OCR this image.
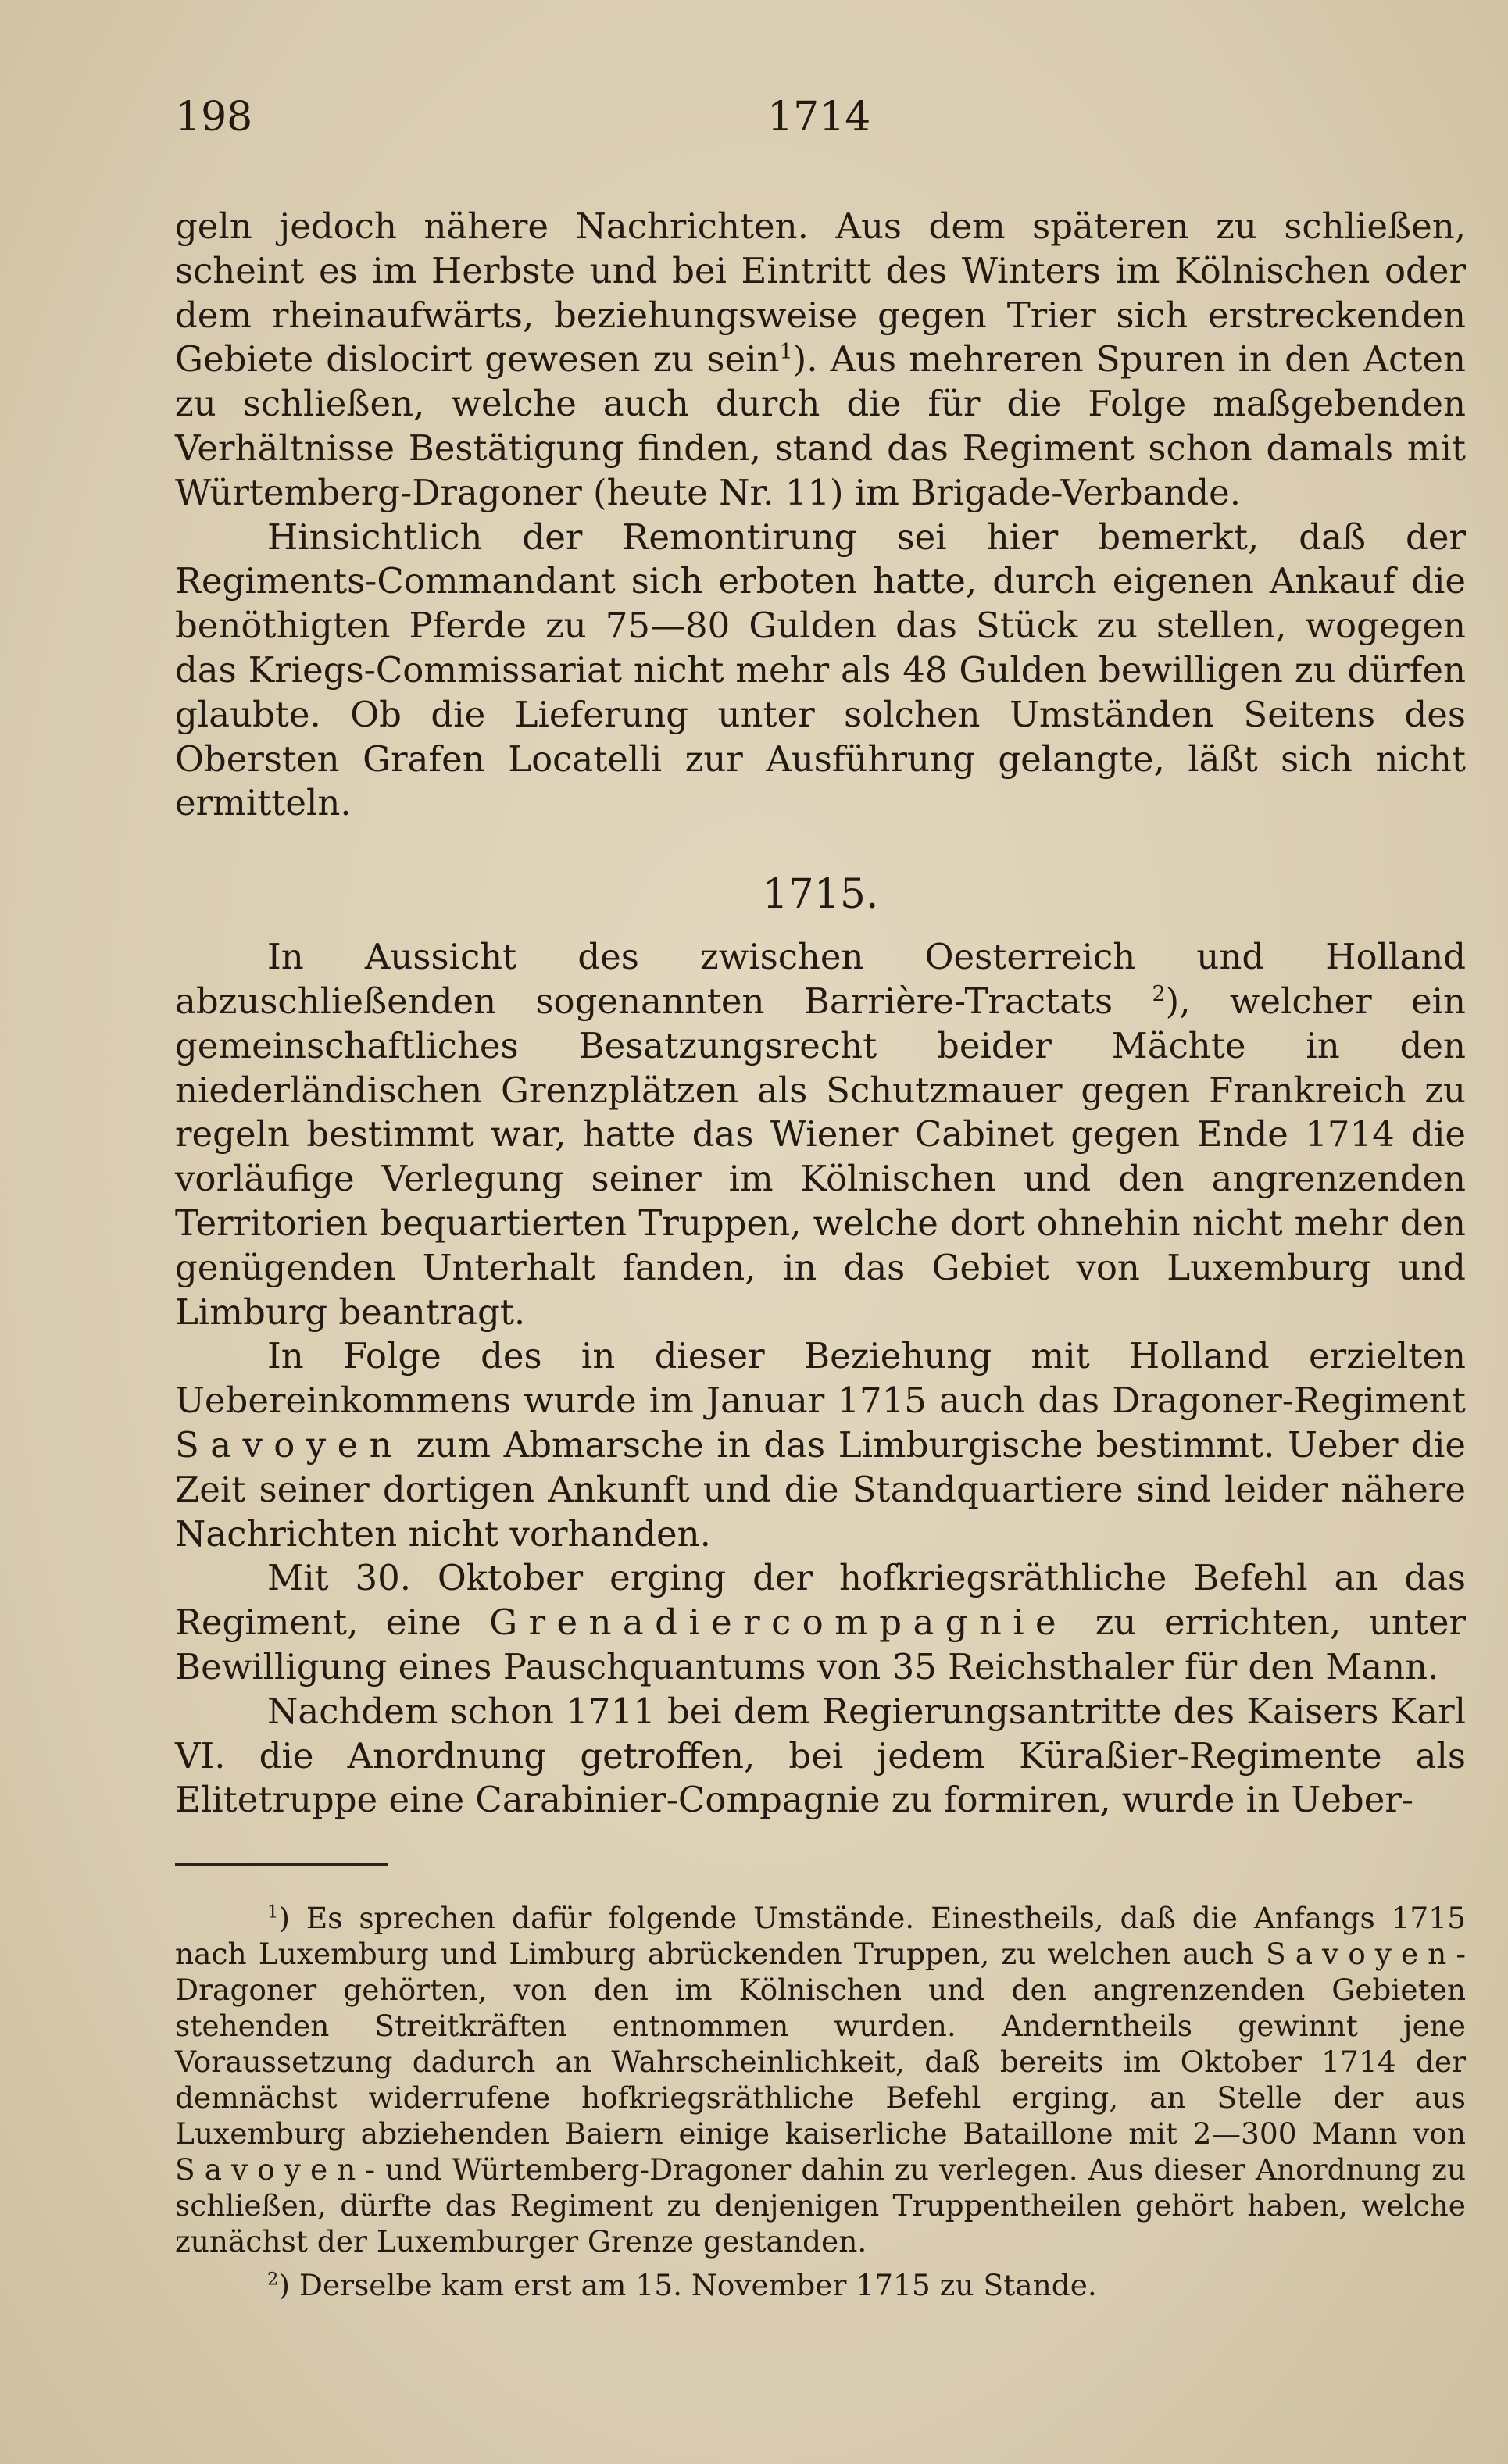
198	1714

geln jedoch nähere Nachrichten. Aus dem späteren zu schließen, scheint es im Herbste und bei Eintritt des Winters im Kölnischen oder dem rheinaufwärts, beziehungsweise gegen Trier sich erstreckenden Gebiete dislocirt gewesen zu sein$^1$). Aus mehreren Spuren in den Acten zu schließen, welche auch durch die für die Folge maßgebenden Verhältnisse Bestätigung finden, stand das Regiment schon damals mit Würtemberg-Dragoner (heute Nr. 11) im Brigade-Verbande.

Hinsichtlich der Remontirung sei hier bemerkt, daß der Regiments-Commandant sich erboten hatte, durch eigenen Ankauf die benöthigten Pferde zu 75—80 Gulden das Stück zu stellen, wogegen das Kriegs-Commissariat nicht mehr als 48 Gulden bewilligen zu dürfen glaubte. Ob die Lieferung unter solchen Umständen Seitens des Obersten Grafen Locatelli zur Ausführung gelangte, läßt sich nicht ermitteln.

1715.

In Aussicht des zwischen Oesterreich und Holland abzuschließenden sogenannten Barrière-Tractats $^2$), welcher ein gemeinschaftliches Besatzungsrecht beider Mächte in den niederländischen Grenzplätzen als Schutzmauer gegen Frankreich zu regeln bestimmt war, hatte das Wiener Cabinet gegen Ende 1714 die vorläufige Verlegung seiner im Kölnischen und den angrenzenden Territorien bequartierten Truppen, welche dort ohnehin nicht mehr den genügenden Unterhalt fanden, in das Gebiet von Luxemburg und Limburg beantragt.

In Folge des in dieser Beziehung mit Holland erzielten Uebereinkommens wurde im Januar 1715 auch das Dragoner-Regiment Savoyen zum Abmarsche in das Limburgische bestimmt. Ueber die Zeit seiner dortigen Ankunft und die Standquartiere sind leider nähere Nachrichten nicht vorhanden.

Mit 30. Oktober erging der hofkriegsräthliche Befehl an das Regiment, eine Grenadiercompagnie zu errichten, unter Bewilligung eines Pauschquantums von 35 Reichsthaler für den Mann.

Nachdem schon 1711 bei dem Regierungsantritte des Kaisers Karl VI. die Anordnung getroffen, bei jedem Küraßier-Regimente als Elitetruppe eine Carabinier-Compagnie zu formiren, wurde in Ueber-

$^1$) Es sprechen dafür folgende Umstände. Einestheils, daß die Anfangs 1715 nach Luxemburg und Limburg abrückenden Truppen, zu welchen auch Savoyen-Dragoner gehörten, von den im Kölnischen und den angrenzenden Gebieten stehenden Streitkräften entnommen wurden. Anderntheils gewinnt jene Voraussetzung dadurch an Wahrscheinlichkeit, daß bereits im Oktober 1714 der demnächst widerrufene hofkriegsräthliche Befehl erging, an Stelle der aus Luxemburg abziehenden Baiern einige kaiserliche Bataillone mit 2—300 Mann von Savoyen- und Würtemberg-Dragoner dahin zu verlegen. Aus dieser Anordnung zu schließen, dürfte das Regiment zu denjenigen Truppentheilen gehört haben, welche zunächst der Luxemburger Grenze gestanden.

$^2$) Derselbe kam erst am 15. November 1715 zu Stande.
